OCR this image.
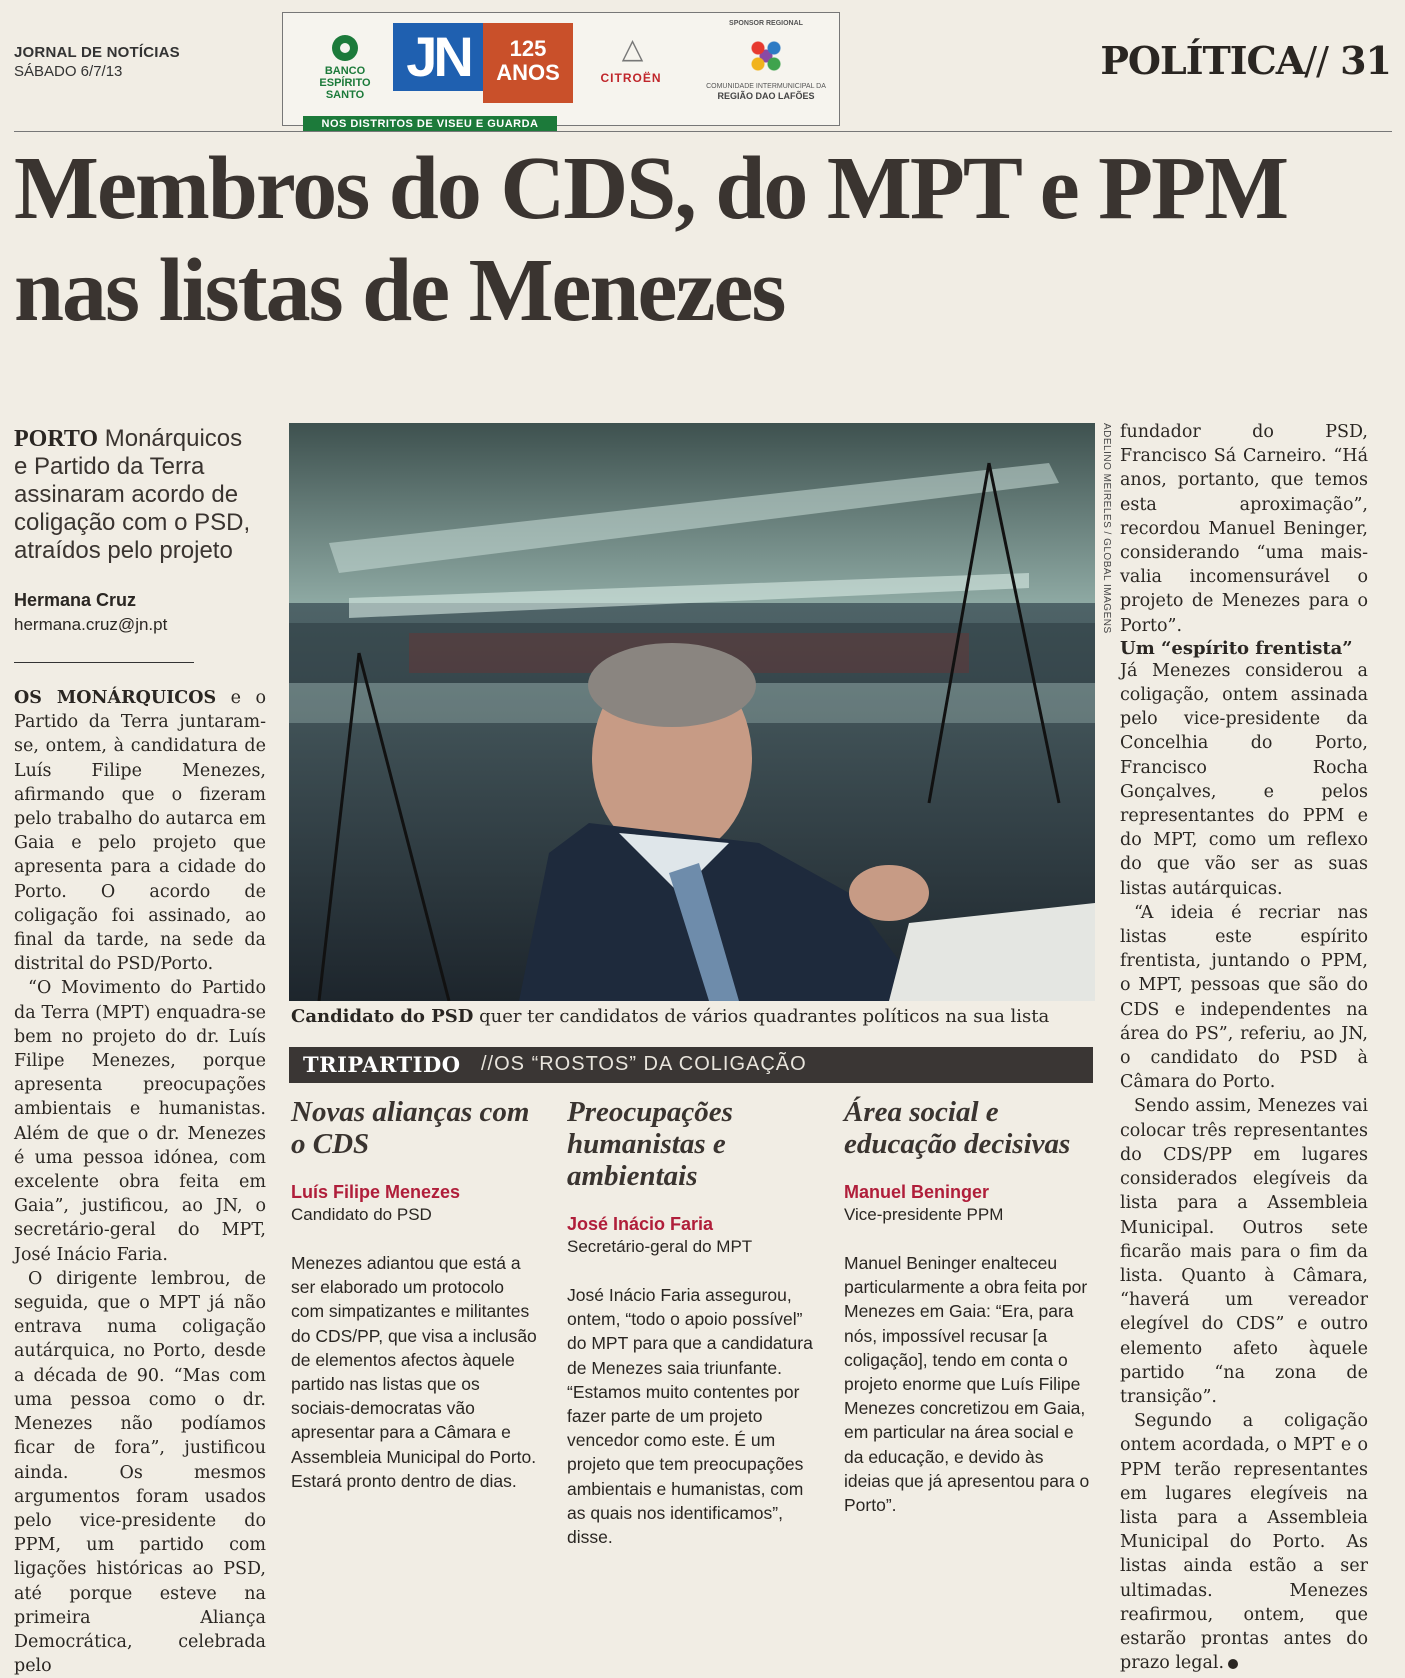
JORNAL DE NOTÍCIAS
SÁBADO 6/7/13	BANCO ESPÍRITO SANTO
JN	125 ANOS
NOS DISTRITOS DE VISEU E GUARDA
△
CITROËN
SPONSOR REGIONAL
COMUNIDADE INTERMUNICIPAL DA
REGIÃO DAO LAFÕES
POLÍTICA// 31
Membros do CDS, do MPT e PPM nas listas de Menezes
PORTO Monárquicos e Partido da Terra assinaram acordo de coligação com o PSD, atraídos pelo projeto
Hermana Cruz
hermana.cruz@jn.pt

OS MONÁRQUICOS e o Partido da Terra juntaram-se, ontem, à candidatura de Luís Filipe Menezes, afirmando que o fizeram pelo trabalho do autarca em Gaia e pelo projeto que apresenta para a cidade do Porto. O acordo de coligação foi assinado, ao final da tarde, na sede da distrital do PSD/Porto.

“O Movimento do Partido da Terra (MPT) enquadra-se bem no projeto do dr. Luís Filipe Menezes, porque apresenta preocupações ambientais e humanistas. Além de que o dr. Menezes é uma pessoa idónea, com excelente obra feita em Gaia”, justificou, ao JN, o secretário-geral do MPT, José Inácio Faria.

O dirigente lembrou, de seguida, que o MPT já não entrava numa coligação autárquica, no Porto, desde a década de 90. “Mas com uma pessoa como o dr. Menezes não podíamos ficar de fora”, justificou ainda. Os mesmos argumentos foram usados pelo vice-presidente do PPM, um partido com ligações históricas ao PSD, até porque esteve na primeira Aliança Democrática, celebrada pelo

ADELINO MEIRELES / GLOBAL IMAGENS
Candidato do PSD quer ter candidatos de vários quadrantes políticos na sua lista
TRIPARTIDO //OS “ROSTOS” DA COLIGAÇÃO
Novas alianças com o CDS
Luís Filipe Menezes
Candidato do PSD
Menezes adiantou que está a ser elaborado um protocolo com simpatizantes e militantes do CDS/PP, que visa a inclusão de elementos afectos àquele partido nas listas que os sociais-democratas vão apresentar para a Câmara e Assembleia Municipal do Porto. Estará pronto dentro de dias.
Preocupações humanistas e ambientais
José Inácio Faria
Secretário-geral do MPT
José Inácio Faria assegurou, ontem, “todo o apoio possível” do MPT para que a candidatura de Menezes saia triunfante. “Estamos muito contentes por fazer parte de um projeto vencedor como este. É um projeto que tem preocupações ambientais e humanistas, com as quais nos identificamos”, disse.
Área social e educação decisivas
Manuel Beninger
Vice-presidente PPM
Manuel Beninger enalteceu particularmente a obra feita por Menezes em Gaia: “Era, para nós, impossível recusar [a coligação], tendo em conta o projeto enorme que Luís Filipe Menezes concretizou em Gaia, em particular na área social e da educação, e devido às ideias que já apresentou para o Porto”.

fundador do PSD, Francisco Sá Carneiro. “Há anos, portanto, que temos esta aproximação”, recordou Manuel Beninger, considerando “uma mais-valia incomensurável o projeto de Menezes para o Porto”.

Um “espírito frentista”

Já Menezes considerou a coligação, ontem assinada pelo vice-presidente da Concelhia do Porto, Francisco Rocha Gonçalves, e pelos representantes do PPM e do MPT, como um reflexo do que vão ser as suas listas autárquicas.

“A ideia é recriar nas listas este espírito frentista, juntando o PPM, o MPT, pessoas que são do CDS e independentes na área do PS”, referiu, ao JN, o candidato do PSD à Câmara do Porto.

Sendo assim, Menezes vai colocar três representantes do CDS/PP em lugares considerados elegíveis da lista para a Assembleia Municipal. Outros sete ficarão mais para o fim da lista. Quanto à Câmara, “haverá um vereador elegível do CDS” e outro elemento afeto àquele partido “na zona de transição”.

Segundo a coligação ontem acordada, o MPT e o PPM terão representantes em lugares elegíveis na lista para a Assembleia Municipal do Porto. As listas ainda estão a ser ultimadas. Menezes reafirmou, ontem, que estarão prontas antes do prazo legal.
